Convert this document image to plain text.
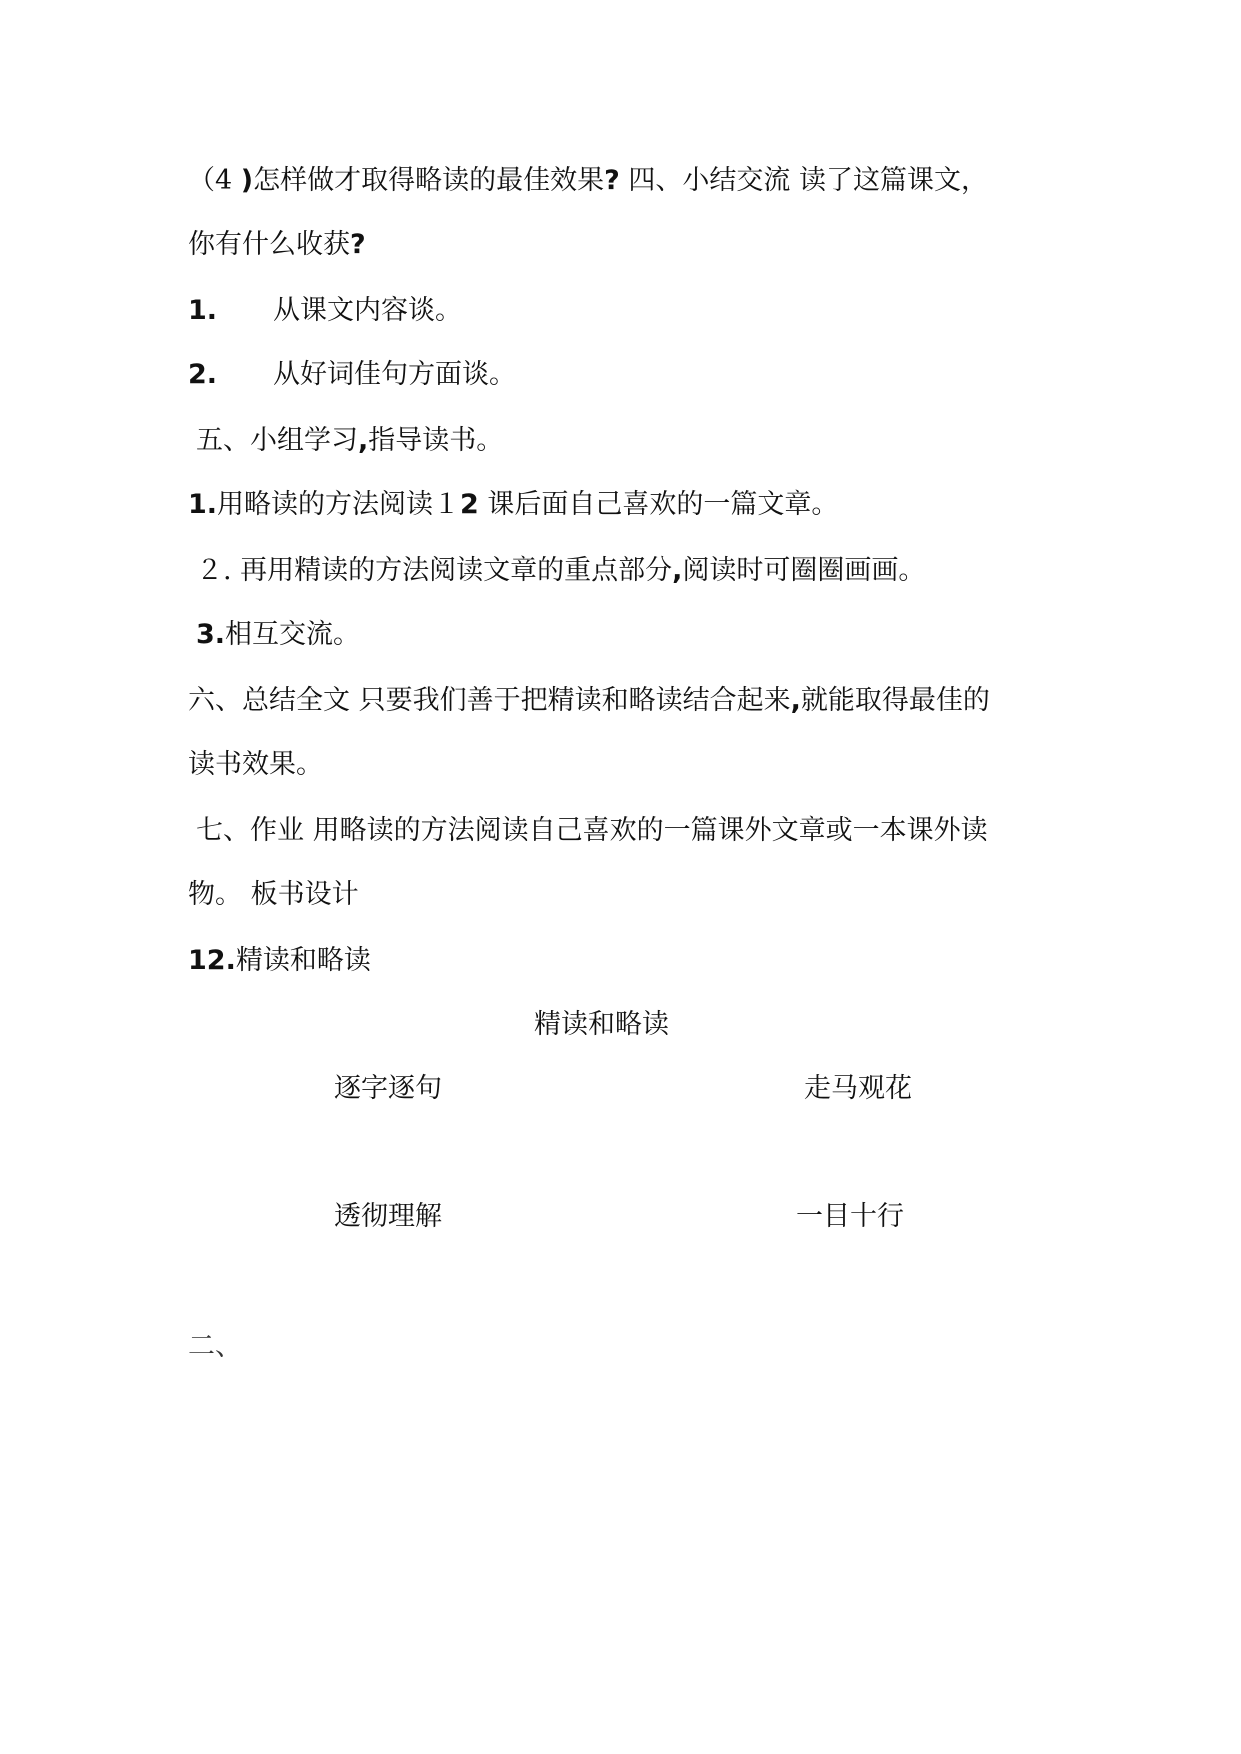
（4 )怎样做才取得略读的最佳效果? 四、小结交流 读了这篇课文，
你有什么收获?
1. 从课文内容谈。
2. 从好词佳句方面谈。
五、小组学习,指导读书。
1.用略读的方法阅读１2 课后面自己喜欢的一篇文章。
２. 再用精读的方法阅读文章的重点部分,阅读时可圈圈画画。
3.相互交流。
六、总结全文 只要我们善于把精读和略读结合起来,就能取得最佳的
读书效果。
七、作业 用略读的方法阅读自己喜欢的一篇课外文章或一本课外读
物。 板书设计
12.精读和略读
精读和略读
逐字逐句	走马观花
透彻理解	一目十行
二、
